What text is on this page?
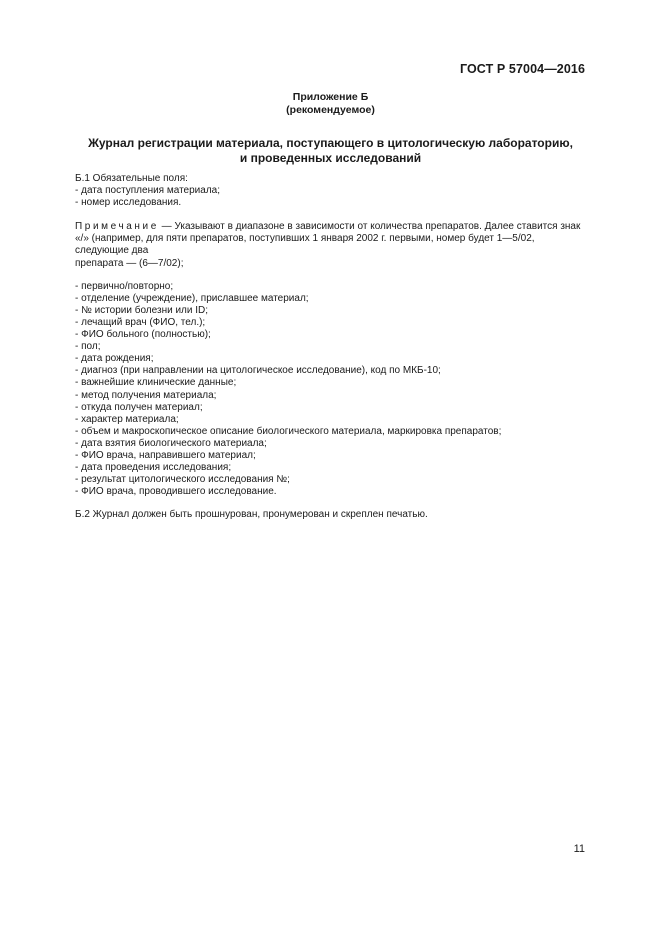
ГОСТ Р 57004—2016
Приложение Б
(рекомендуемое)
Журнал регистрации материала, поступающего в цитологическую лабораторию,
и проведенных исследований

Б.1 Обязательные поля:

- дата поступления материала;

- номер исследования.

Примечание — Указывают в диапазоне в зависимости от количества препаратов. Далее ставится знак

«/» (например, для пяти препаратов, поступивших 1 января 2002 г. первыми, номер будет 1—5/02, следующие два

препарата — (6—7/02);

- первично/повторно;
- отделение (учреждение), приславшее материал;
- № истории болезни или ID;
- лечащий врач (ФИО, тел.);
- ФИО больного (полностью);
- пол;
- дата рождения;
- диагноз (при направлении на цитологическое исследование), код по МКБ-10;
- важнейшие клинические данные;
- метод получения материала;
- откуда получен материал;
- характер материала;
- объем и макроскопическое описание биологического материала, маркировка препаратов;
- дата взятия биологического материала;
- ФИО врача, направившего материал;
- дата проведения исследования;
- результат цитологического исследования №;
- ФИО врача, проводившего исследование.

Б.2 Журнал должен быть прошнурован, пронумерован и скреплен печатью.

11
